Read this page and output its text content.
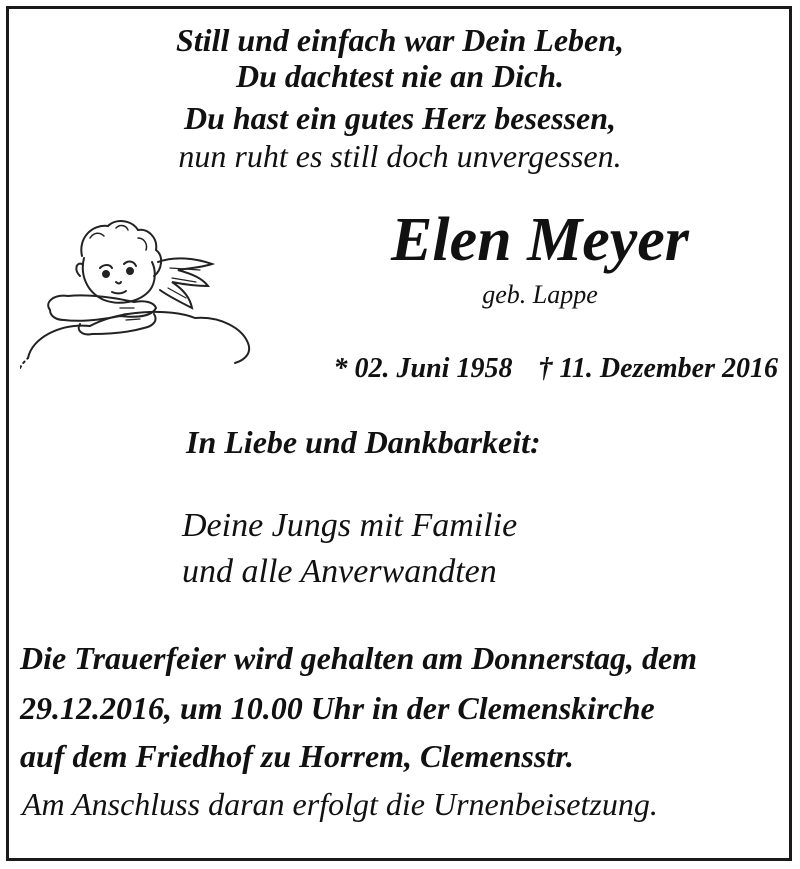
Still und einfach war Dein Leben,
Du dachtest nie an Dich.
Du hast ein gutes Herz besessen,
nun ruht es still doch unvergessen.
Elen Meyer
geb. Lappe
* 02. Juni 1958 † 11. Dezember 2016
In Liebe und Dankbarkeit:
Deine Jungs mit Familie
und alle Anverwandten
Die Trauerfeier wird gehalten am Donnerstag, dem
29.12.2016, um 10.00 Uhr in der Clemenskirche
auf dem Friedhof zu Horrem, Clemensstr.
Am Anschluss daran erfolgt die Urnenbeisetzung.
